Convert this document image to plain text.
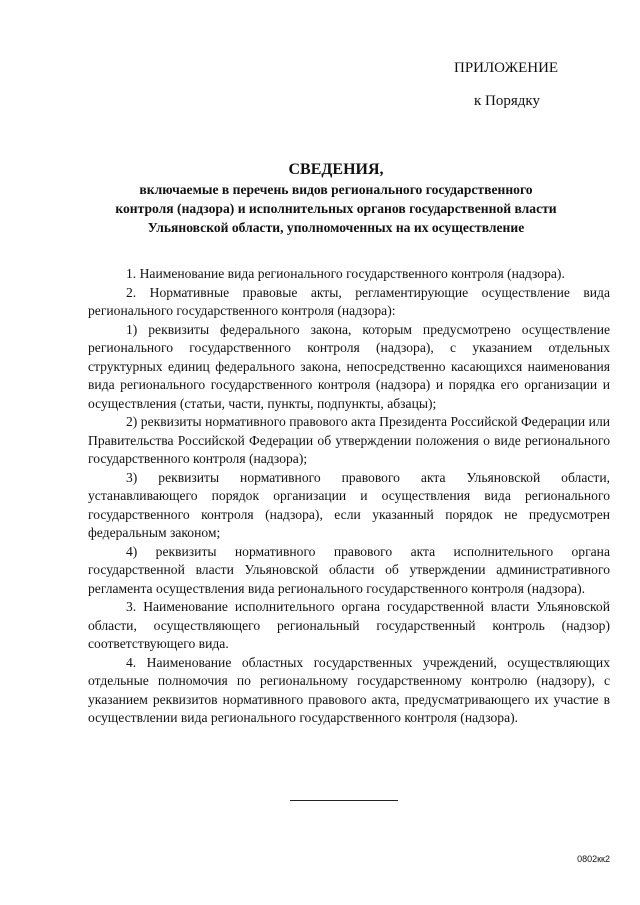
ПРИЛОЖЕНИЕ
к Порядку
СВЕДЕНИЯ,
включаемые в перечень видов регионального государственного
контроля (надзора) и исполнительных органов государственной власти
Ульяновской области, уполномоченных на их осуществление

1. Наименование вида регионального государственного контроля (надзора).

2. Нормативные правовые акты, регламентирующие осуществление вида регионального государственного контроля (надзора):

1) реквизиты федерального закона, которым предусмотрено осуществление регионального государственного контроля (надзора), с указанием отдельных структурных единиц федерального закона, непосредственно касающихся наименования вида регионального государственного контроля (надзора) и порядка его организации и осуществления (статьи, части, пункты, подпункты, абзацы);

2) реквизиты нормативного правового акта Президента Российской Федерации или Правительства Российской Федерации об утверждении положения о виде регионального государственного контроля (надзора);

3) реквизиты нормативного правового акта Ульяновской области, устанавливающего порядок организации и осуществления вида регионального государственного контроля (надзора), если указанный порядок не предусмотрен федеральным законом;

4) реквизиты нормативного правового акта исполнительного органа государственной власти Ульяновской области об утверждении административного регламента осуществления вида регионального государственного контроля (надзора).

3. Наименование исполнительного органа государственной власти Ульяновской области, осуществляющего региональный государственный контроль (надзор) соответствующего вида.

4. Наименование областных государственных учреждений, осуществляющих отдельные полномочия по региональному государственному контролю (надзору), с указанием реквизитов нормативного правового акта, предусматривающего их участие в осуществлении вида регионального государственного контроля (надзора).

0802кк2
